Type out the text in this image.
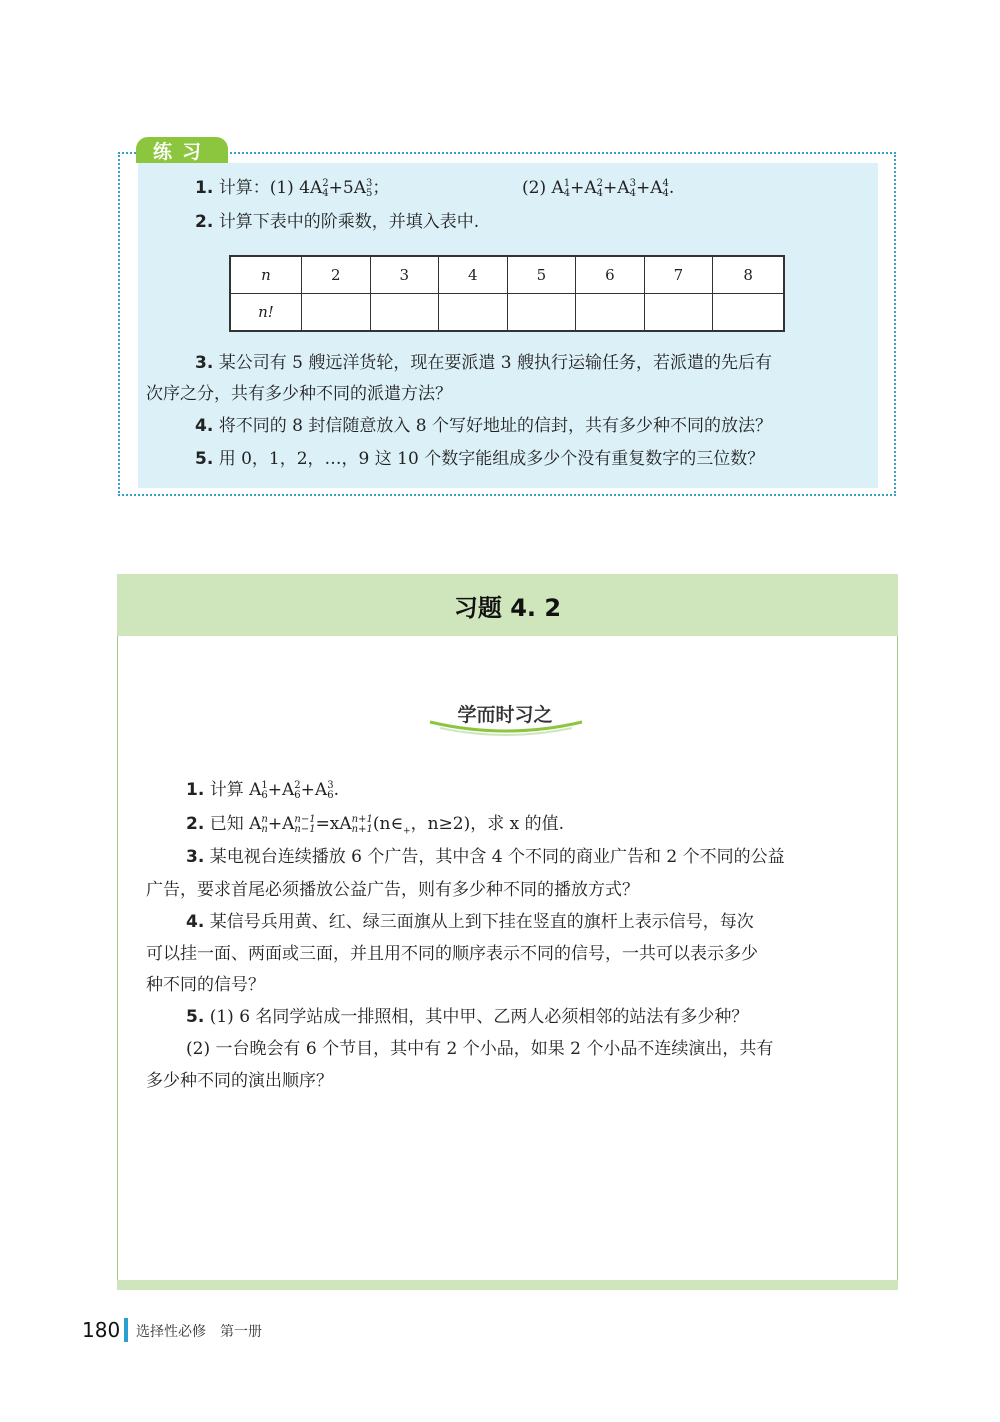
练习
1. 计算：(1) 4A 2
4 +5A 3
5 ；	(2) A 1
4 +A 2
4 +A 3
4 +A 4
4 .
2. 计算下表中的阶乘数，并填入表中.
n	2	3	4	5	6	7	8
n!							
3. 某公司有 5 艘远洋货轮，现在要派遣 3 艘执行运输任务，若派遣的先后有
次序之分，共有多少种不同的派遣方法？
4. 将不同的 8 封信随意放入 8 个写好地址的信封，共有多少种不同的放法？
5. 用 0，1，2，…，9 这 10 个数字能组成多少个没有重复数字的三位数？
习题 4. 2
学而时习之
1. 计算 A 1
6 +A 2
6 +A 3
6 .
2. 已知 A n
n +A n−1
n−1 =xA n+1
n+1 ($n\in_+$，n≥2)，求 x 的值.
3. 某电视台连续播放 6 个广告，其中含 4 个不同的商业广告和 2 个不同的公益
广告，要求首尾必须播放公益广告，则有多少种不同的播放方式？
4. 某信号兵用黄、红、绿三面旗从上到下挂在竖直的旗杆上表示信号，每次
可以挂一面、两面或三面，并且用不同的顺序表示不同的信号，一共可以表示多少
种不同的信号？
5. (1) 6 名同学站成一排照相，其中甲、乙两人必须相邻的站法有多少种？
(2) 一台晚会有 6 个节目，其中有 2 个小品，如果 2 个小品不连续演出，共有
多少种不同的演出顺序？
180 选择性必修　第一册
